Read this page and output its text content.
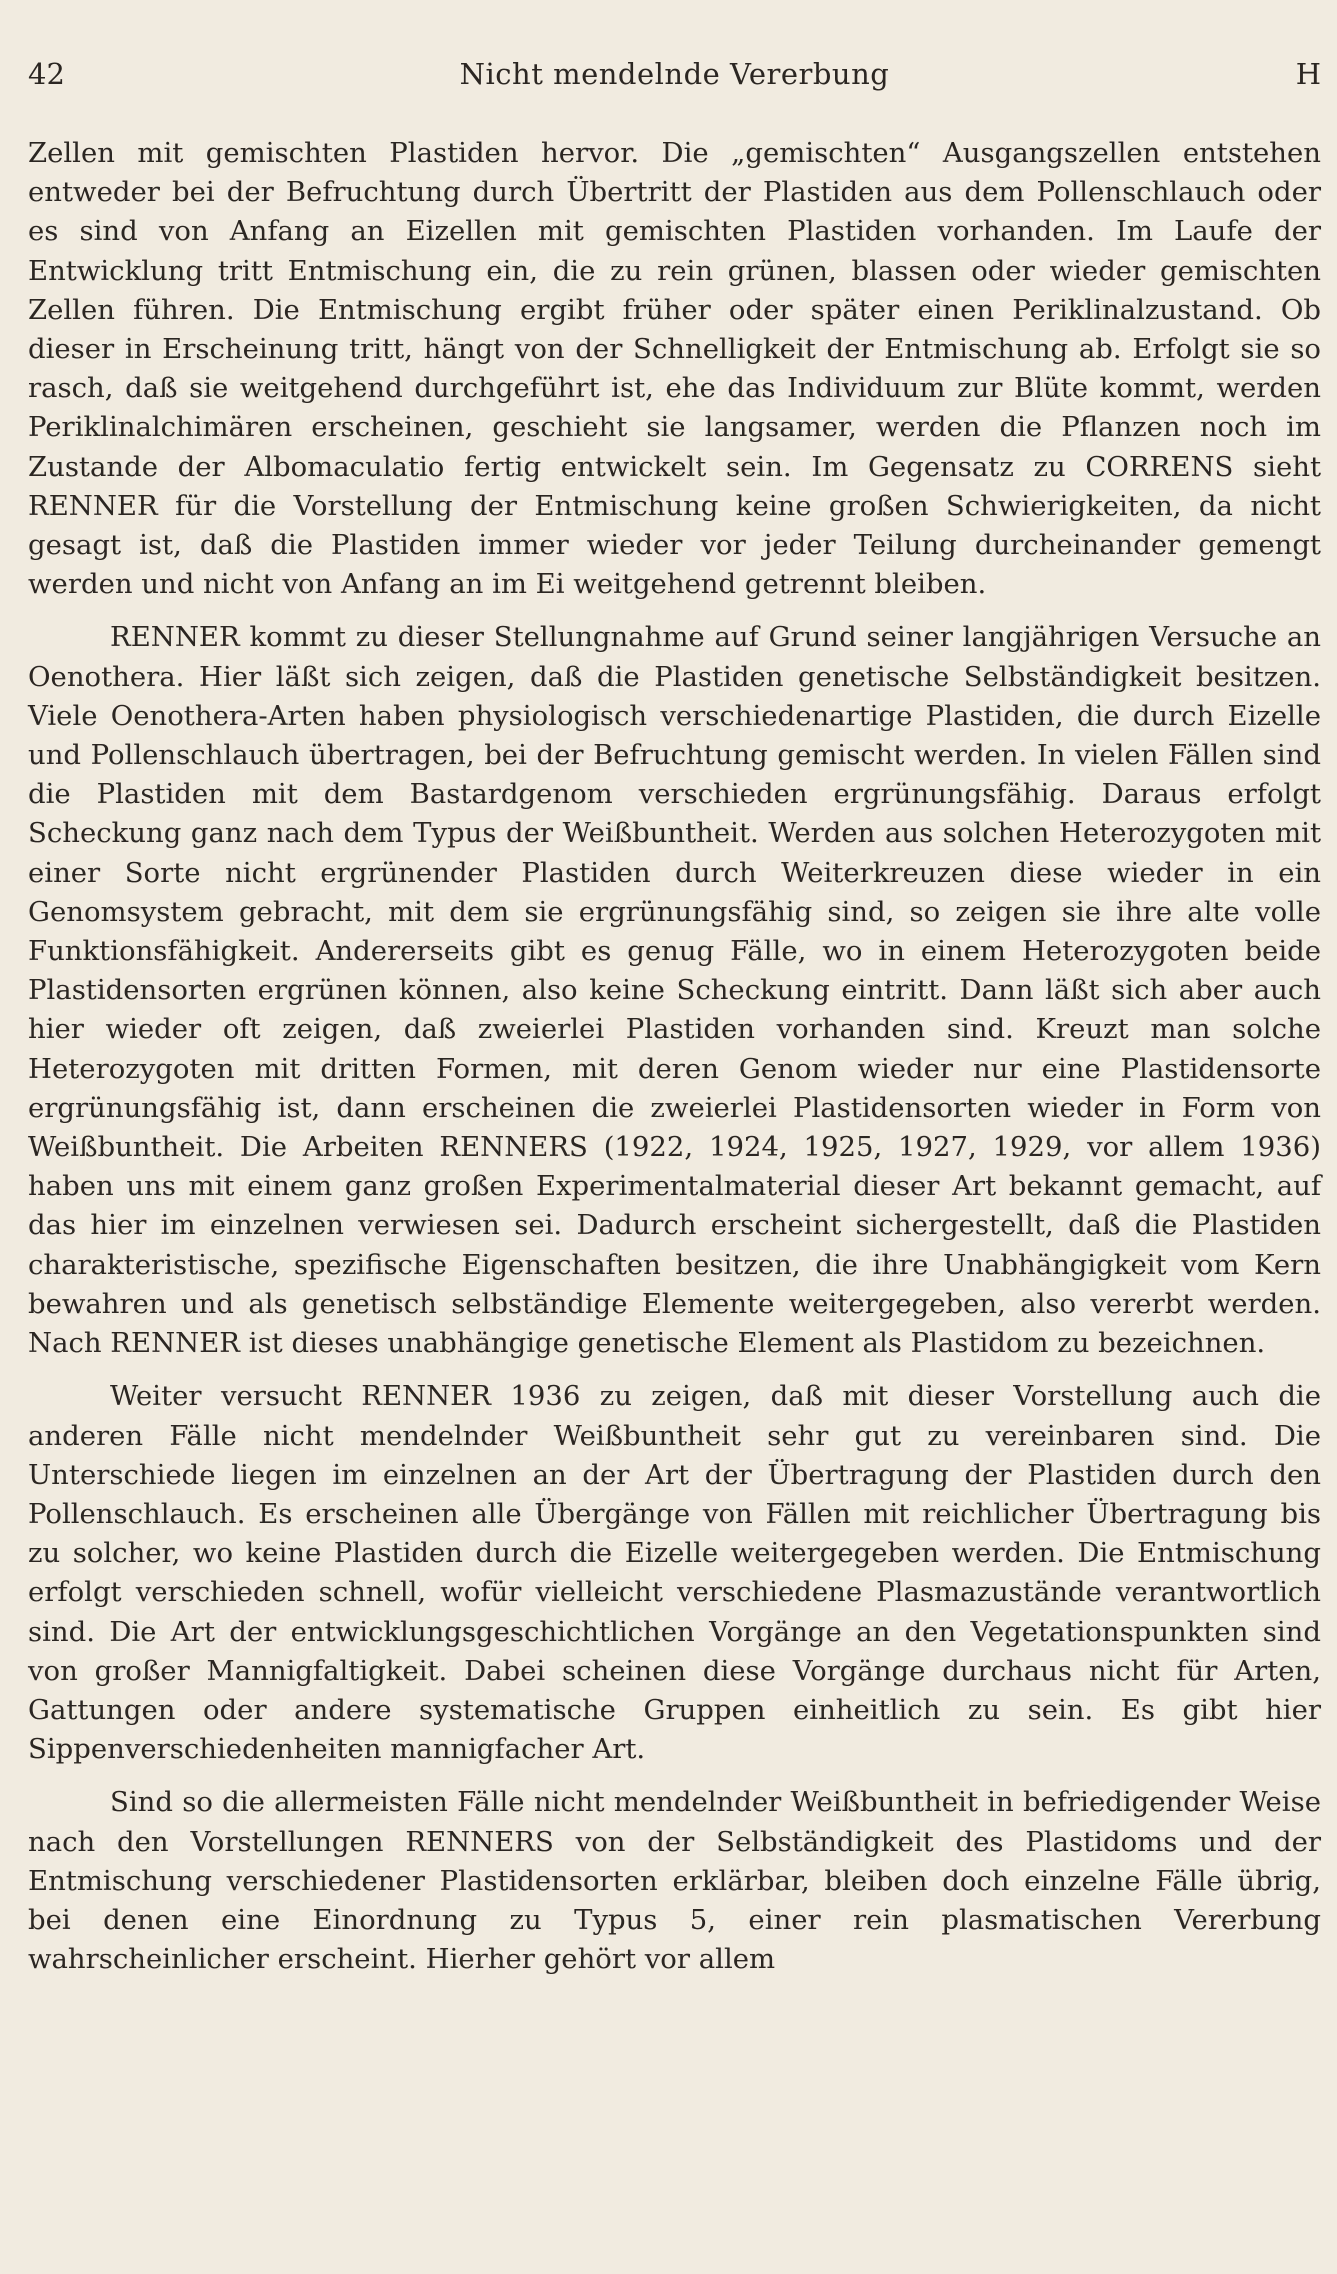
42	Nicht mendelnde Vererbung	H

Zellen mit gemischten Plastiden hervor. Die „gemischten“ Ausgangszellen entstehen entweder bei der Befruchtung durch Übertritt der Plastiden aus dem Pollenschlauch oder es sind von Anfang an Eizellen mit gemischten Plastiden vorhanden. Im Laufe der Entwicklung tritt Entmischung ein, die zu rein grünen, blassen oder wieder gemischten Zellen führen. Die Entmischung ergibt früher oder später einen Periklinalzustand. Ob dieser in Erscheinung tritt, hängt von der Schnelligkeit der Entmischung ab. Erfolgt sie so rasch, daß sie weitgehend durchgeführt ist, ehe das Individuum zur Blüte kommt, werden Periklinalchimären erscheinen, geschieht sie langsamer, werden die Pflanzen noch im Zustande der Albomaculatio fertig entwickelt sein. Im Gegensatz zu CORRENS sieht RENNER für die Vorstellung der Entmischung keine großen Schwierigkeiten, da nicht gesagt ist, daß die Plastiden immer wieder vor jeder Teilung durcheinander gemengt werden und nicht von Anfang an im Ei weitgehend getrennt bleiben.

RENNER kommt zu dieser Stellungnahme auf Grund seiner langjährigen Versuche an Oenothera. Hier läßt sich zeigen, daß die Plastiden genetische Selbständigkeit besitzen. Viele Oenothera-Arten haben physiologisch verschiedenartige Plastiden, die durch Eizelle und Pollenschlauch übertragen, bei der Befruchtung gemischt werden. In vielen Fällen sind die Plastiden mit dem Bastardgenom verschieden ergrünungsfähig. Daraus erfolgt Scheckung ganz nach dem Typus der Weißbuntheit. Werden aus solchen Heterozygoten mit einer Sorte nicht ergrünender Plastiden durch Weiterkreuzen diese wieder in ein Genomsystem gebracht, mit dem sie ergrünungsfähig sind, so zeigen sie ihre alte volle Funktionsfähigkeit. Andererseits gibt es genug Fälle, wo in einem Heterozygoten beide Plastidensorten ergrünen können, also keine Scheckung eintritt. Dann läßt sich aber auch hier wieder oft zeigen, daß zweierlei Plastiden vorhanden sind. Kreuzt man solche Heterozygoten mit dritten Formen, mit deren Genom wieder nur eine Plastidensorte ergrünungsfähig ist, dann erscheinen die zweierlei Plastidensorten wieder in Form von Weißbuntheit. Die Arbeiten RENNERS (1922, 1924, 1925, 1927, 1929, vor allem 1936) haben uns mit einem ganz großen Experimentalmaterial dieser Art bekannt gemacht, auf das hier im einzelnen verwiesen sei. Dadurch erscheint sichergestellt, daß die Plastiden charakteristische, spezifische Eigenschaften besitzen, die ihre Unabhängigkeit vom Kern bewahren und als genetisch selbständige Elemente weitergegeben, also vererbt werden. Nach RENNER ist dieses unabhängige genetische Element als Plastidom zu bezeichnen.

Weiter versucht RENNER 1936 zu zeigen, daß mit dieser Vorstellung auch die anderen Fälle nicht mendelnder Weißbuntheit sehr gut zu vereinbaren sind. Die Unterschiede liegen im einzelnen an der Art der Übertragung der Plastiden durch den Pollenschlauch. Es erscheinen alle Übergänge von Fällen mit reichlicher Übertragung bis zu solcher, wo keine Plastiden durch die Eizelle weitergegeben werden. Die Entmischung erfolgt verschieden schnell, wofür vielleicht verschiedene Plasmazustände verantwortlich sind. Die Art der entwicklungsgeschichtlichen Vorgänge an den Vegetationspunkten sind von großer Mannigfaltigkeit. Dabei scheinen diese Vorgänge durchaus nicht für Arten, Gattungen oder andere systematische Gruppen einheitlich zu sein. Es gibt hier Sippenverschiedenheiten mannigfacher Art.

Sind so die allermeisten Fälle nicht mendelnder Weißbuntheit in befriedigender Weise nach den Vorstellungen RENNERS von der Selbständigkeit des Plastidoms und der Entmischung verschiedener Plastidensorten erklärbar, bleiben doch einzelne Fälle übrig, bei denen eine Einordnung zu Typus 5, einer rein plasmatischen Vererbung wahrscheinlicher erscheint. Hierher gehört vor allem
